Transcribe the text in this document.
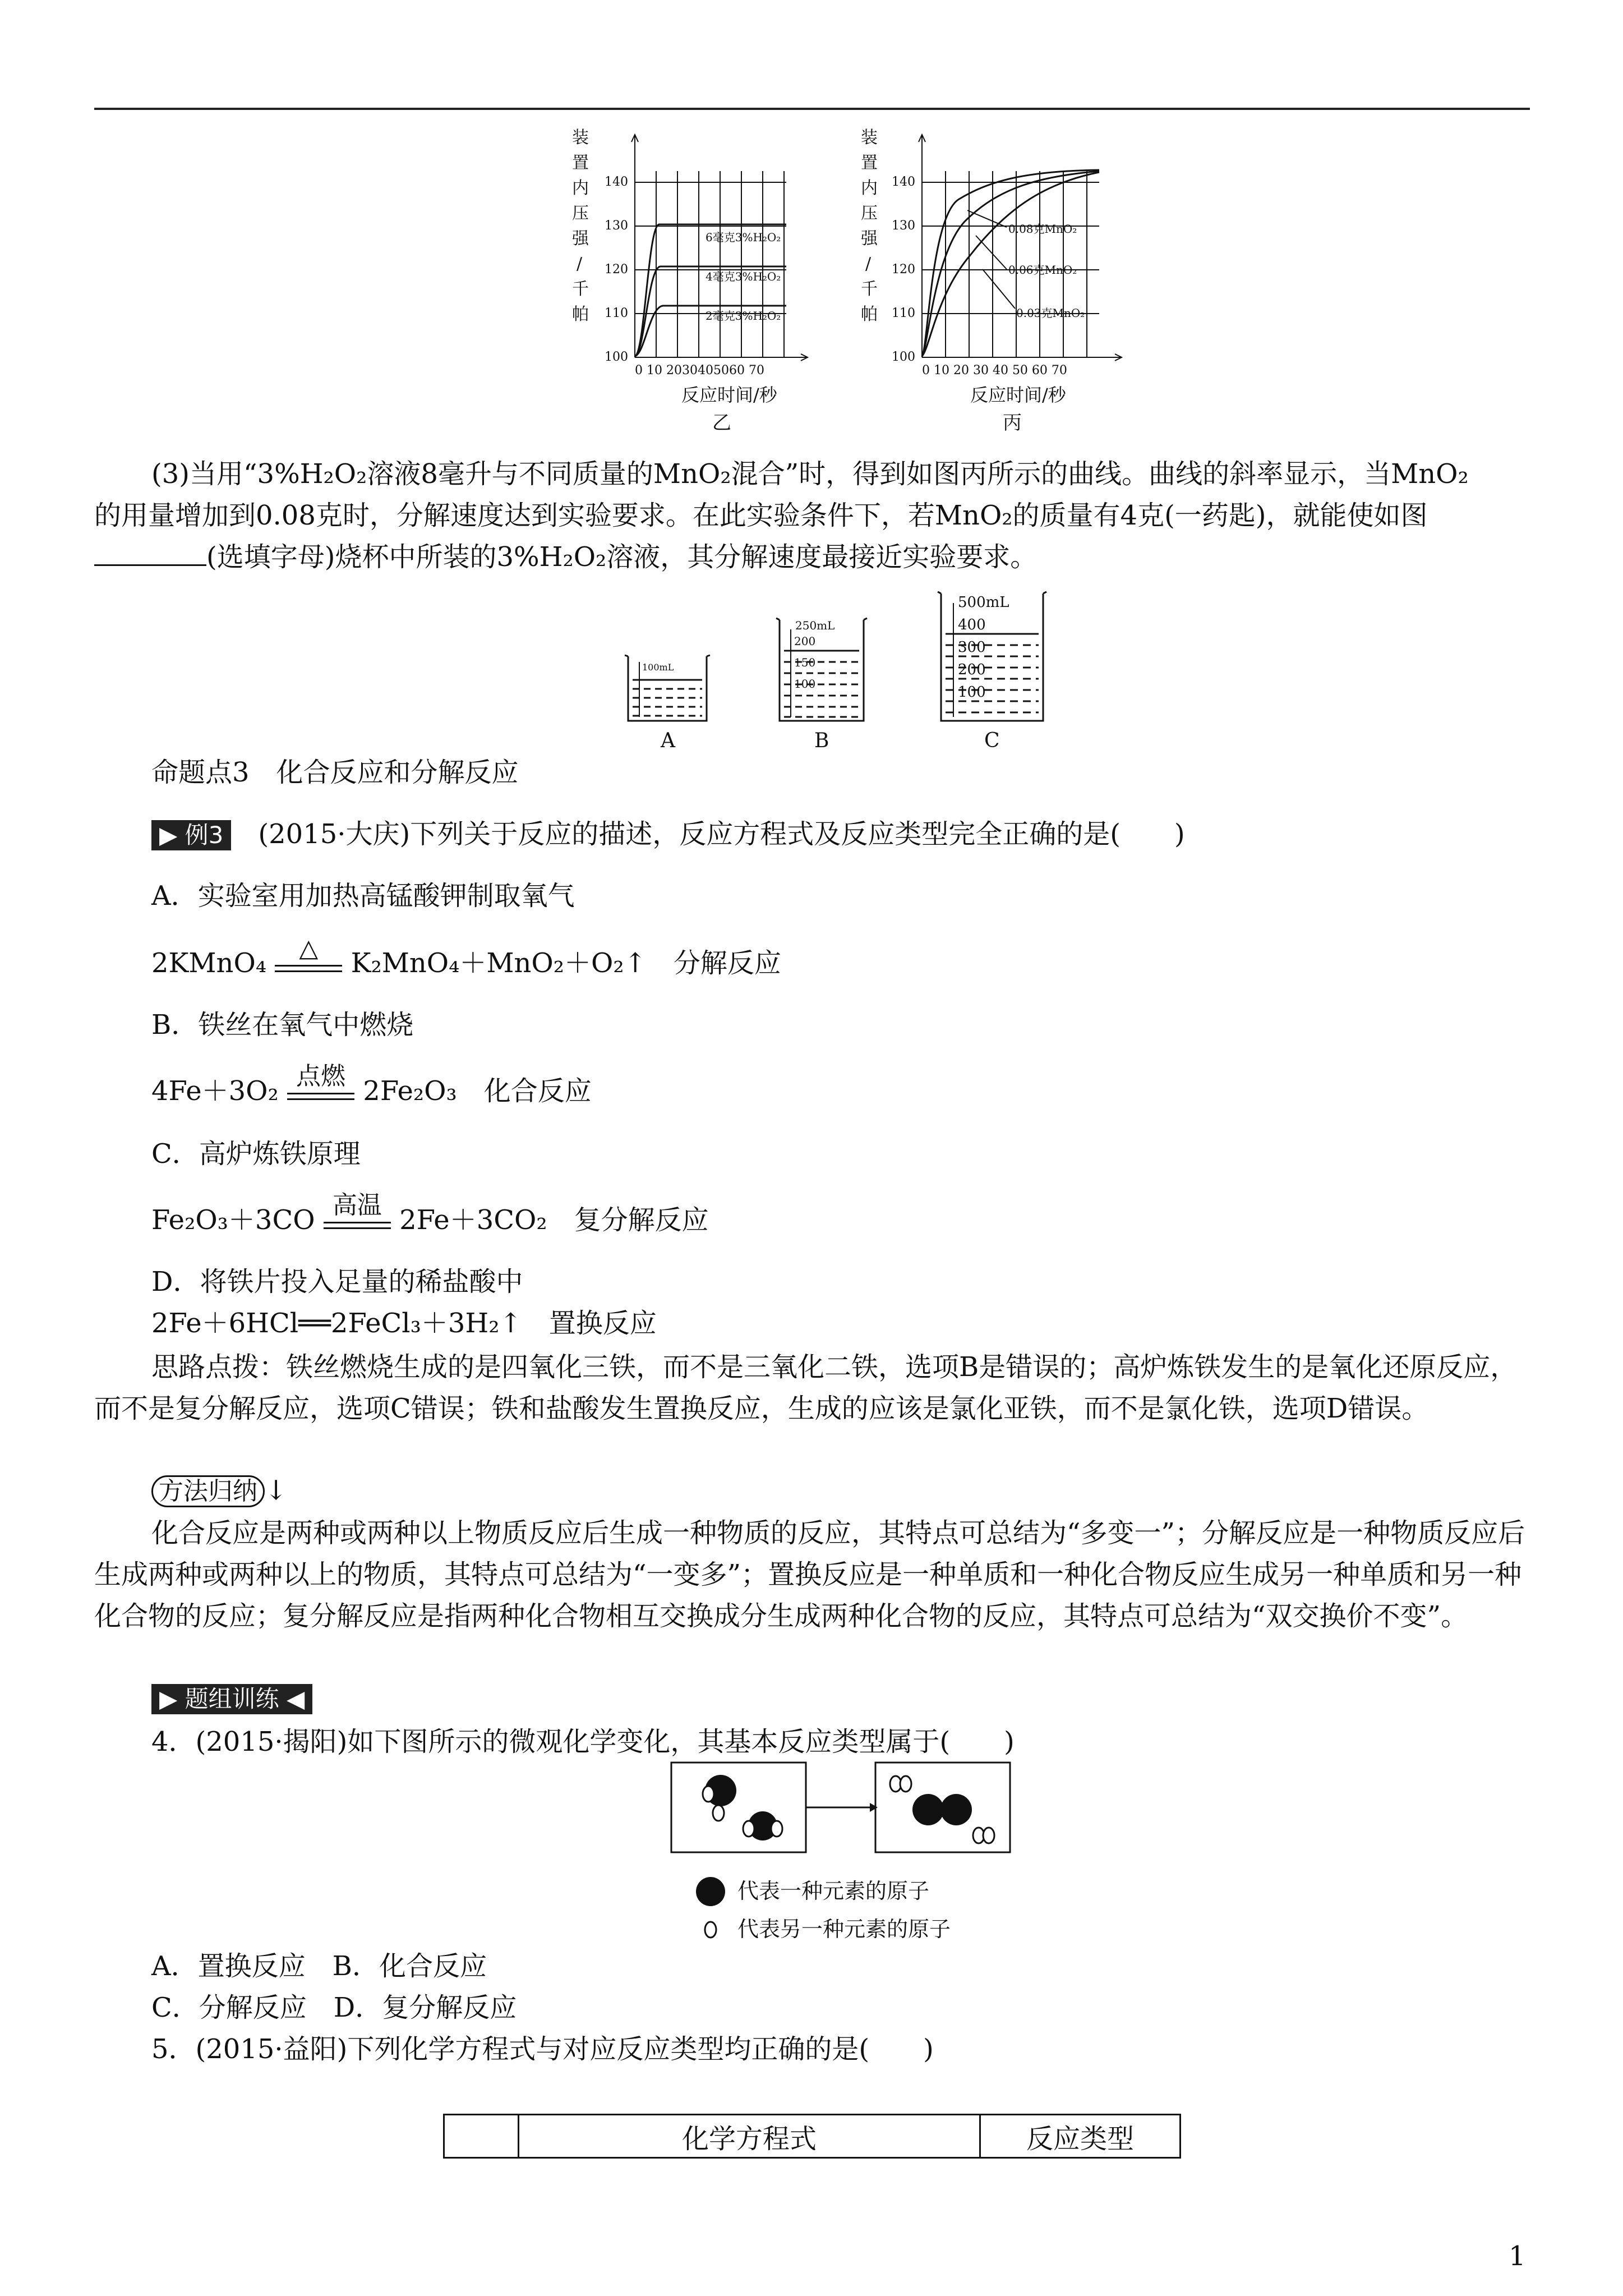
装
置
内
压
强
/
千
帕
100
110
120
130
140
6毫克3%H₂O₂
4毫克3%H₂O₂
2毫克3%H₂O₂
0 10 2030405060 70
反应时间/秒
乙
装
置
内
压
强
/
千
帕
100
110
120
130
140
0.08克MnO₂
0.06克MnO₂
0.03克MnO₂
0 10 20 30 40 50 60 70
反应时间/秒
丙
(3)当用“3%H₂O₂溶液8毫升与不同质量的MnO₂混合”时，得到如图丙所示的曲线。曲线的斜率显示，当MnO₂
的用量增加到0.08克时，分解速度达到实验要求。在此实验条件下，若MnO₂的质量有4克(一药匙)，就能使如图
(选填字母)烧杯中所装的3%H₂O₂溶液，其分解速度最接近实验要求。
100mL
250mL
200
150
100
500mL
400
300
200
100
A	B	C
命题点3　化合反应和分解反应
▶ 例3　 (2015·大庆)下列关于反应的描述，反应方程式及反应类型完全正确的是(　　)
A．实验室用加热高锰酸钾制取氧气
2KMnO₄	△	K₂MnO₄＋MnO₂＋O₂↑　分解反应
B．铁丝在氧气中燃烧
4Fe＋3O₂ 点燃 2Fe₂O₃　化合反应
C．高炉炼铁原理
Fe₂O₃＋3CO 高温 2Fe＋3CO₂　复分解反应
D．将铁片投入足量的稀盐酸中
2Fe＋6HCl══2FeCl₃＋3H₂↑　置换反应
思路点拨：铁丝燃烧生成的是四氧化三铁，而不是三氧化二铁，选项B是错误的；高炉炼铁发生的是氧化还原反应，而不是复分解反应，选项C错误；铁和盐酸发生置换反应，生成的应该是氯化亚铁，而不是氯化铁，选项D错误。
方法归纳 ↓
化合反应是两种或两种以上物质反应后生成一种物质的反应，其特点可总结为“多变一”；分解反应是一种物质反应后生成两种或两种以上的物质，其特点可总结为“一变多”；置换反应是一种单质和一种化合物反应生成另一种单质和另一种化合物的反应；复分解反应是指两种化合物相互交换成分生成两种化合物的反应，其特点可总结为“双交换价不变”。
▶ 题组训练 ◀
4．(2015·揭阳)如下图所示的微观化学变化，其基本反应类型属于(　　)
代表一种元素的原子
代表另一种元素的原子
A．置换反应　B．化合反应
C．分解反应　D．复分解反应
5．(2015·益阳)下列化学方程式与对应反应类型均正确的是(　　)
	化学方程式	反应类型
1
